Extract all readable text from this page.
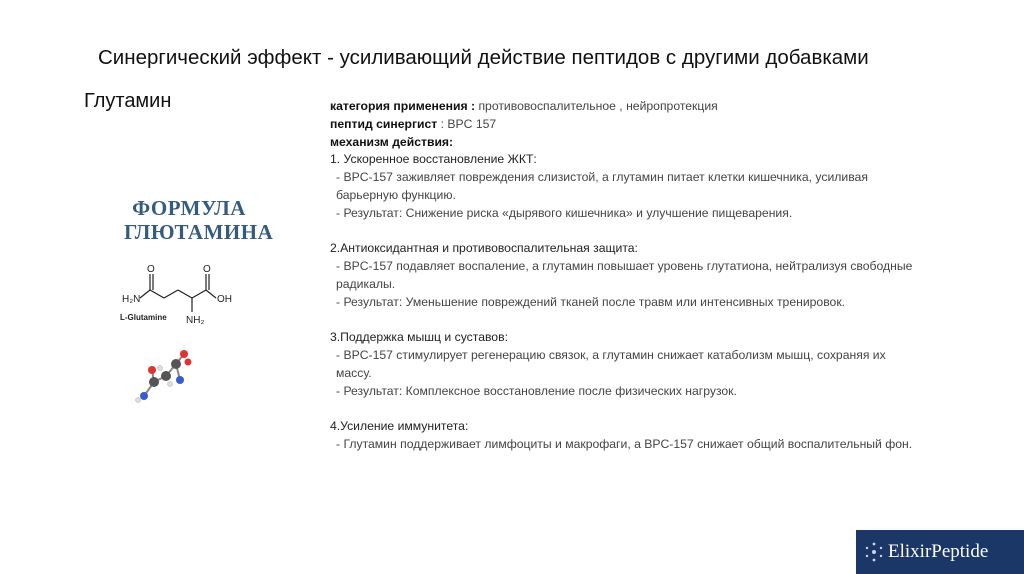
Синергический эффект - усиливающий действие пептидов с другими добавками
Глутамин
ФОРМУЛА
ГЛЮТАМИНА
O	O
H₂N	OH
NH₂
L-Glutamine

категория применения : противовоспалительное , нейропротекция

пептид синергист : BPC 157

механизм действия:

1. Ускоренное восстановление ЖКТ:

- BPC-157 заживляет повреждения слизистой, а глутамин питает клетки кишечника, усиливая

барьерную функцию.

- Результат: Снижение риска «дырявого кишечника» и улучшение пищеварения.

2.Антиоксидантная и противовоспалительная защита:

- BPC-157 подавляет воспаление, а глутамин повышает уровень глутатиона, нейтрализуя свободные

радикалы.

- Результат: Уменьшение повреждений тканей после травм или интенсивных тренировок.

3.Поддержка мышц и суставов:

- BPC-157 стимулирует регенерацию связок, а глутамин снижает катаболизм мышц, сохраняя их

массу.

- Результат: Комплексное восстановление после физических нагрузок.

4.Усиление иммунитета:

- Глутамин поддерживает лимфоциты и макрофаги, а BPC-157 снижает общий воспалительный фон.

ElixirPeptide
